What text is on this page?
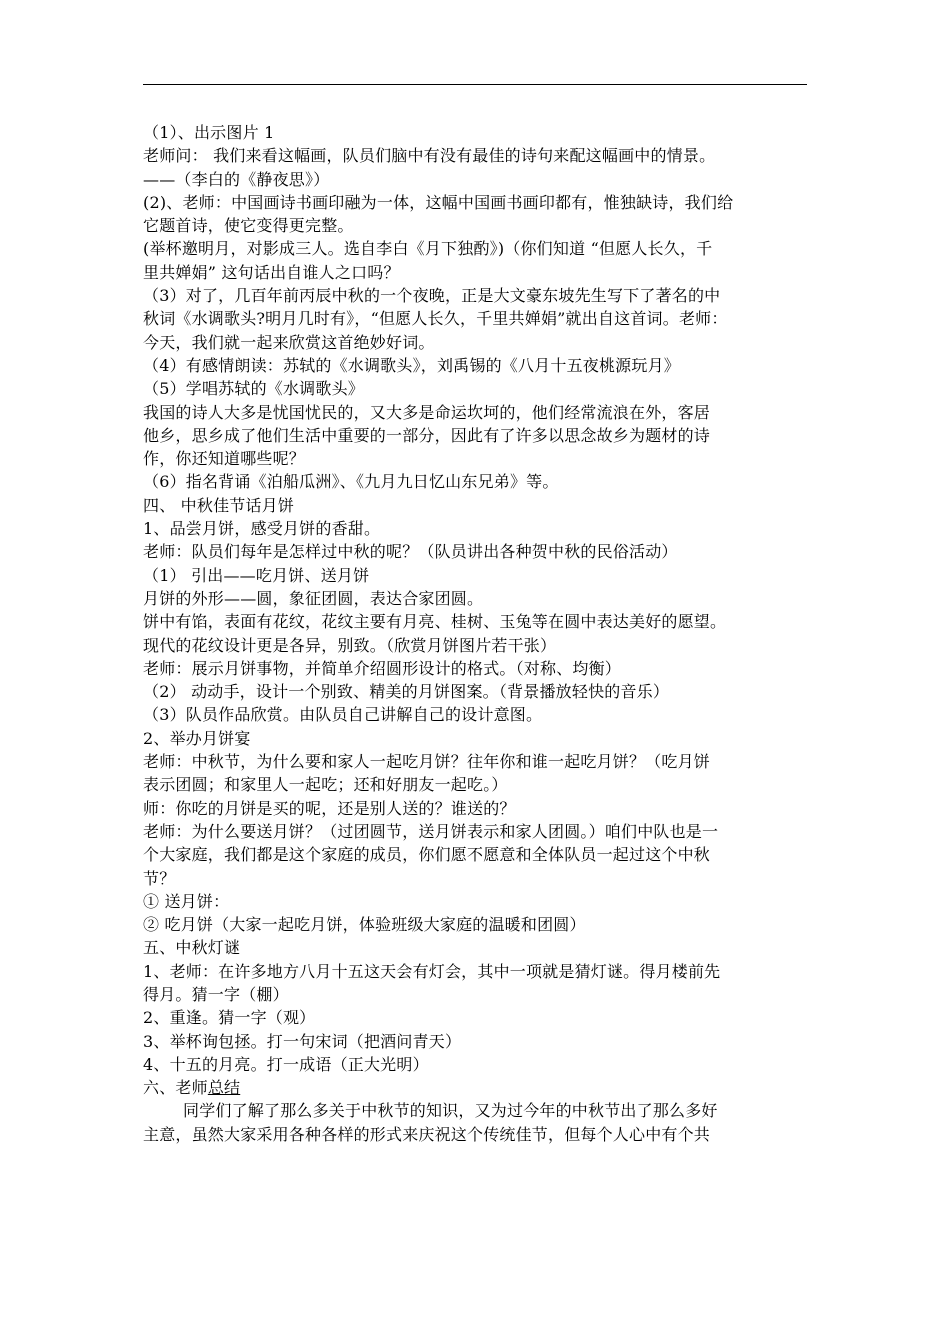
（1）、出示图片 1
老师问： 我们来看这幅画，队员们脑中有没有最佳的诗句来配这幅画中的情景。
——（李白的《静夜思》）
(2)、老师：中国画诗书画印融为一体，这幅中国画书画印都有，惟独缺诗，我们给
它题首诗，使它变得更完整。
(举杯邀明月，对影成三人。选自李白《月下独酌》)（你们知道 “但愿人长久，千
里共婵娟” 这句话出自谁人之口吗？
（3）对了，几百年前丙辰中秋的一个夜晚，正是大文豪东坡先生写下了著名的中
秋词《水调歌头?明月几时有》，“但愿人长久，千里共婵娟”就出自这首词。老师：
今天，我们就一起来欣赏这首绝妙好词。
（4）有感情朗读：苏轼的《水调歌头》，刘禹锡的《八月十五夜桃源玩月》
（5）学唱苏轼的《水调歌头》
我国的诗人大多是忧国忧民的，又大多是命运坎坷的，他们经常流浪在外，客居
他乡，思乡成了他们生活中重要的一部分，因此有了许多以思念故乡为题材的诗
作，你还知道哪些呢？
（6）指名背诵《泊船瓜洲》、《九月九日忆山东兄弟》等。
四、 中秋佳节话月饼
1、品尝月饼，感受月饼的香甜。
老师：队员们每年是怎样过中秋的呢？（队员讲出各种贺中秋的民俗活动）
（1） 引出——吃月饼、送月饼
月饼的外形——圆，象征团圆，表达合家团圆。
饼中有馅，表面有花纹，花纹主要有月亮、桂树、玉兔等在圆中表达美好的愿望。
现代的花纹设计更是各异，别致。（欣赏月饼图片若干张）
老师：展示月饼事物，并简单介绍圆形设计的格式。（对称、均衡）
（2） 动动手，设计一个别致、精美的月饼图案。（背景播放轻快的音乐）
（3）队员作品欣赏。由队员自己讲解自己的设计意图。
2、举办月饼宴
老师：中秋节，为什么要和家人一起吃月饼？往年你和谁一起吃月饼？（吃月饼
表示团圆；和家里人一起吃；还和好朋友一起吃。）
师：你吃的月饼是买的呢，还是别人送的？谁送的？
老师：为什么要送月饼？（过团圆节，送月饼表示和家人团圆。）咱们中队也是一
个大家庭，我们都是这个家庭的成员，你们愿不愿意和全体队员一起过这个中秋
节？
① 送月饼：
② 吃月饼（大家一起吃月饼，体验班级大家庭的温暖和团圆）
五、中秋灯谜
1、老师：在许多地方八月十五这天会有灯会，其中一项就是猜灯谜。得月楼前先
得月。猜一字（棚）
2、重逢。猜一字（观）
3、举杯询包拯。打一句宋词（把酒问青天）
4、十五的月亮。打一成语（正大光明）
六、老师总结
同学们了解了那么多关于中秋节的知识，又为过今年的中秋节出了那么多好
主意，虽然大家采用各种各样的形式来庆祝这个传统佳节，但每个人心中有个共
